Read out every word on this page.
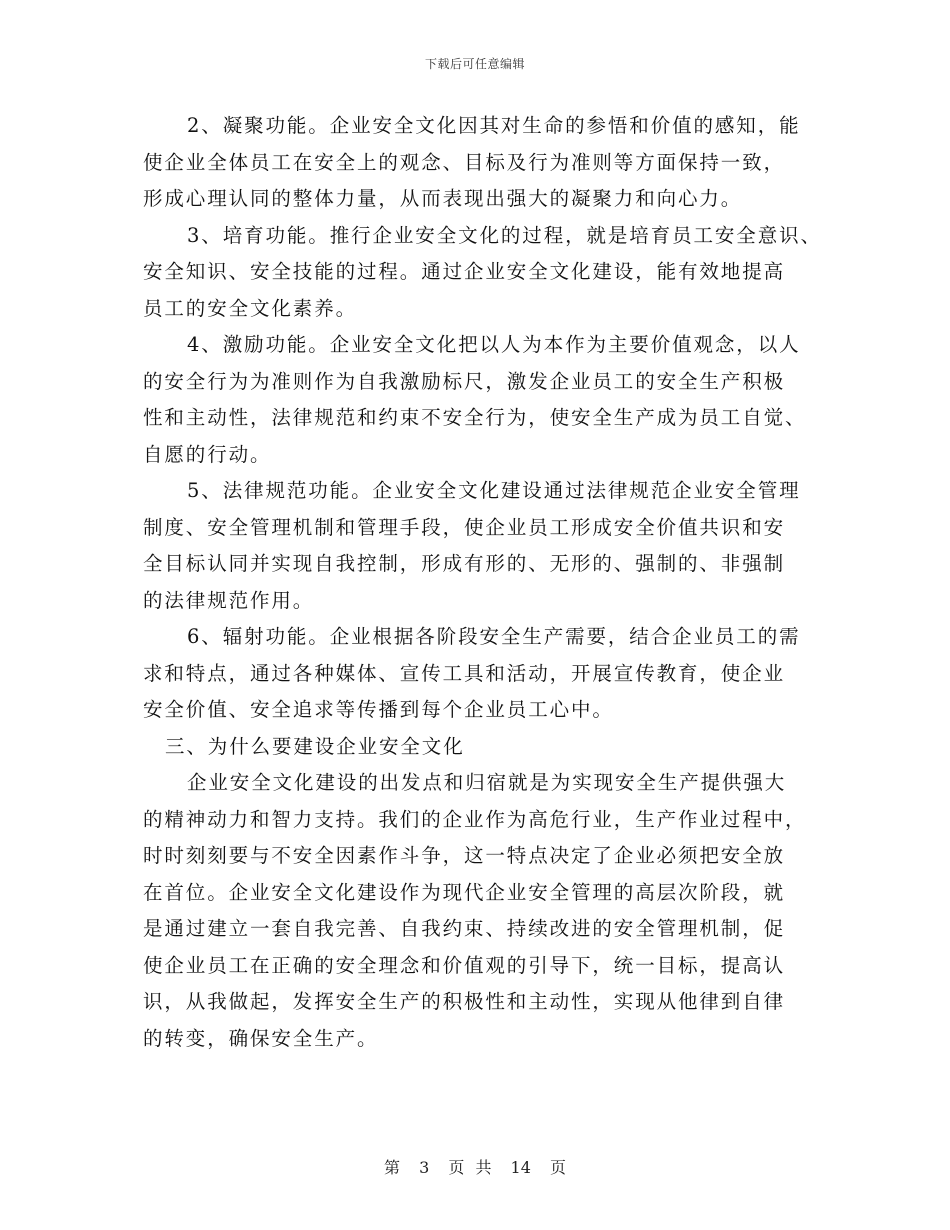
下载后可任意编辑
2、凝聚功能。企业安全文化因其对生命的参悟和价值的感知，能
使企业全体员工在安全上的观念、目标及行为准则等方面保持一致，
形成心理认同的整体力量，从而表现出强大的凝聚力和向心力。
3、培育功能。推行企业安全文化的过程，就是培育员工安全意识、
安全知识、安全技能的过程。通过企业安全文化建设，能有效地提高
员工的安全文化素养。
4、激励功能。企业安全文化把以人为本作为主要价值观念，以人
的安全行为为准则作为自我激励标尺，激发企业员工的安全生产积极
性和主动性，法律规范和约束不安全行为，使安全生产成为员工自觉、
自愿的行动。
5、法律规范功能。企业安全文化建设通过法律规范企业安全管理
制度、安全管理机制和管理手段，使企业员工形成安全价值共识和安
全目标认同并实现自我控制，形成有形的、无形的、强制的、非强制
的法律规范作用。
6、辐射功能。企业根据各阶段安全生产需要，结合企业员工的需
求和特点，通过各种媒体、宣传工具和活动，开展宣传教育，使企业
安全价值、安全追求等传播到每个企业员工心中。
三、为什么要建设企业安全文化
企业安全文化建设的出发点和归宿就是为实现安全生产提供强大
的精神动力和智力支持。我们的企业作为高危行业，生产作业过程中，
时时刻刻要与不安全因素作斗争，这一特点决定了企业必须把安全放
在首位。企业安全文化建设作为现代企业安全管理的高层次阶段，就
是通过建立一套自我完善、自我约束、持续改进的安全管理机制，促
使企业员工在正确的安全理念和价值观的引导下，统一目标，提高认
识，从我做起，发挥安全生产的积极性和主动性，实现从他律到自律
的转变，确保安全生产。
第 3 页 共 14 页
